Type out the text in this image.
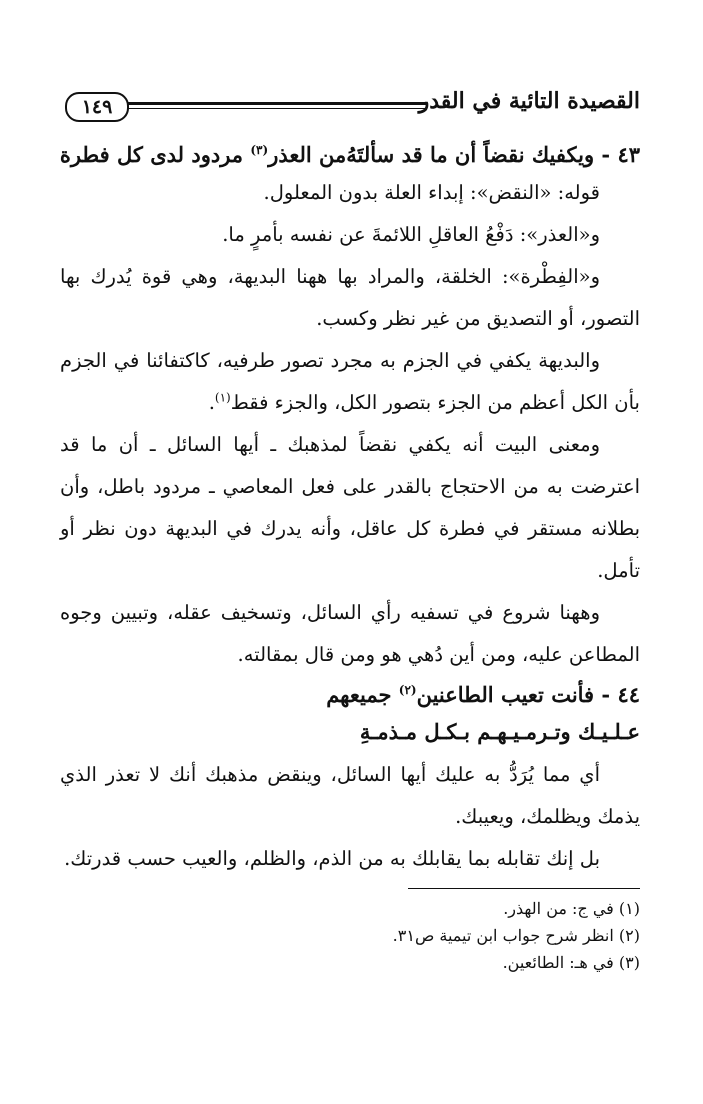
القصيدة التائية في القدر
١٤٩
٤٣ - ويكفيك نقضاً أن ما قد سألتَهُ
من العذر$^{(٣)}$ مردود لدى كل فطرة

قوله: «النقض»: إبداء العلة بدون المعلول.

و«العذر»: دَفْعُ العاقلِ اللائمةَ عن نفسه بأمرٍ ما.

و«الفِطْرة»: الخلقة، والمراد بها ههنا البديهة، وهي قوة يُدرك بها التصور، أو التصديق من غير نظر وكسب.

والبديهة يكفي في الجزم به مجرد تصور طرفيه، كاكتفائنا في الجزم بأن الكل أعظم من الجزء بتصور الكل، والجزء فقط$^{(١)}$.

ومعنى البيت أنه يكفي نقضاً لمذهبك ـ أيها السائل ـ أن ما قد اعترضت به من الاحتجاج بالقدر على فعل المعاصي ـ مردود باطل، وأن بطلانه مستقر في فطرة كل عاقل، وأنه يدرك في البديهة دون نظر أو تأمل.

وههنا شروع في تسفيه رأي السائل، وتسخيف عقله، وتبيين وجوه المطاعن عليه، ومن أين دُهي هو ومن قال بمقالته.

٤٤ - فأنت تعيب الطاعنين$^{(٢)}$ جميعهم
عـلـيـك وتـرمـيـهـم بـكـل مـذمـةِ

أي مما يُرَدُّ به عليك أيها السائل، وينقض مذهبك أنك لا تعذر الذي يذمك ويظلمك، ويعيبك.

بل إنك تقابله بما يقابلك به من الذم، والظلم، والعيب حسب قدرتك.

(١) في ج: من الهذر.
(٢) انظر شرح جواب ابن تيمية ص٣١.
(٣) في هـ: الطائعين.
